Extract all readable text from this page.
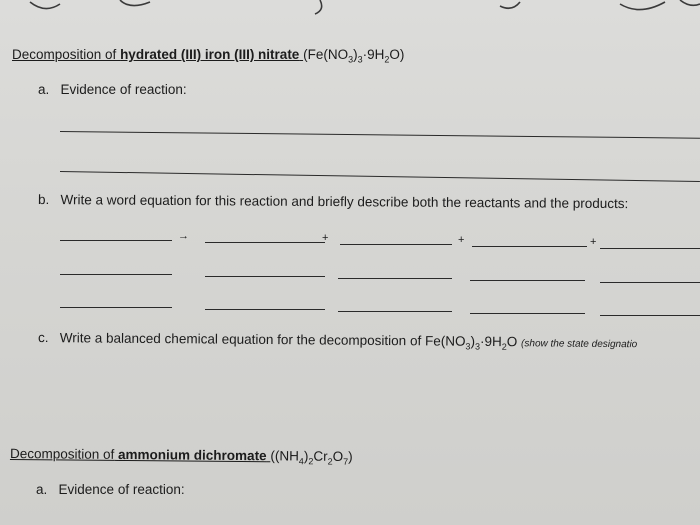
Decomposition of hydrated (III) iron (III) nitrate $(Fe(NO_3)_3\cdot 9H_2O)$
a. Evidence of reaction:
b. Write a word equation for this reaction and briefly describe both the reactants and the products:
→	+	+	+
c. Write a balanced chemical equation for the decomposition of $Fe(NO_3)_3\cdot 9H_2O$ (show the state designatio
Decomposition of ammonium dichromate $((NH_4)_2Cr_2O_7)$
a. Evidence of reaction:
